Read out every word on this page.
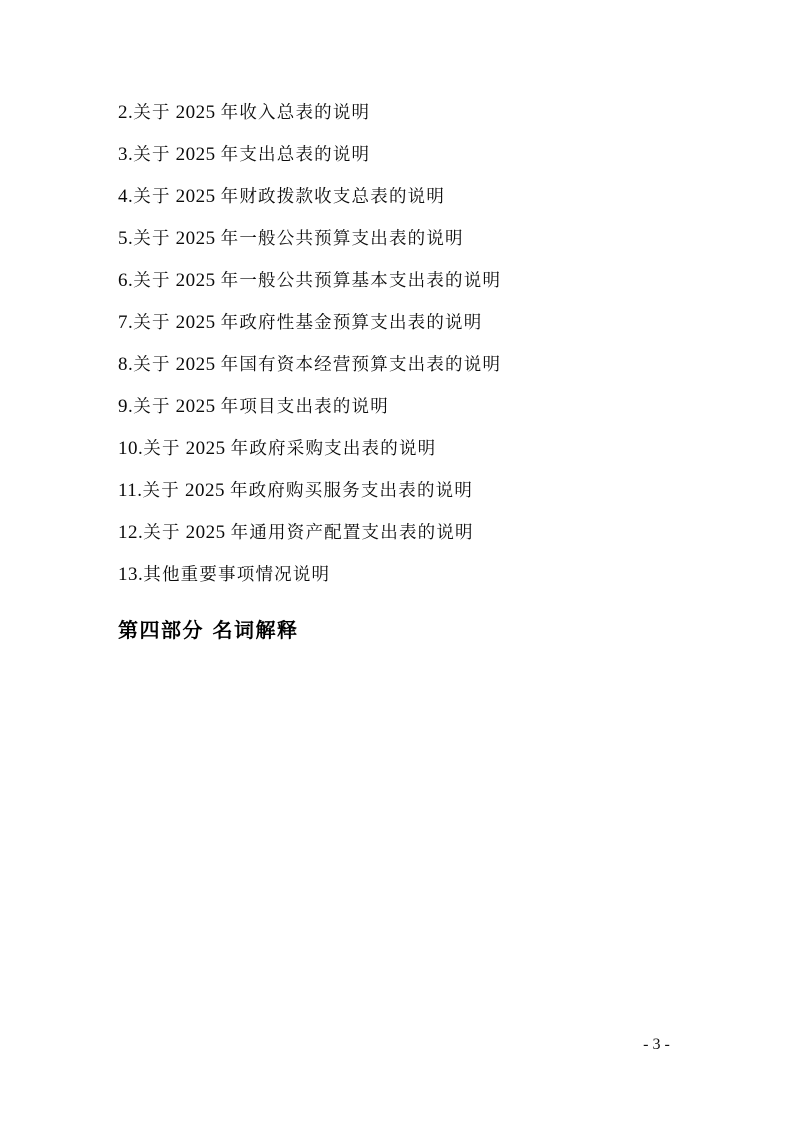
2.关于 2025 年收入总表的说明
3.关于 2025 年支出总表的说明
4.关于 2025 年财政拨款收支总表的说明
5.关于 2025 年一般公共预算支出表的说明
6.关于 2025 年一般公共预算基本支出表的说明
7.关于 2025 年政府性基金预算支出表的说明
8.关于 2025 年国有资本经营预算支出表的说明
9.关于 2025 年项目支出表的说明
10.关于 2025 年政府采购支出表的说明
11.关于 2025 年政府购买服务支出表的说明
12.关于 2025 年通用资产配置支出表的说明
13.其他重要事项情况说明
第四部分 名词解释
- 3 -
